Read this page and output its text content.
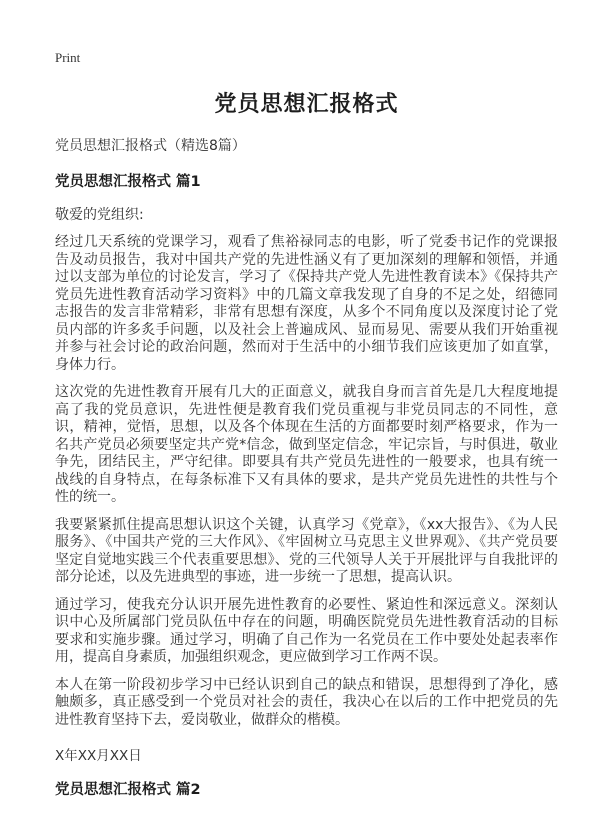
Print
党员思想汇报格式
党员思想汇报格式（精选8篇）
党员思想汇报格式 篇1
敬爱的党组织:

经过几天系统的党课学习，观看了焦裕禄同志的电影，听了党委书记作的党课报告及动员报告，我对中国共产党的先进性涵义有了更加深刻的理解和领悟，并通过以支部为单位的讨论发言，学习了《保持共产党人先进性教育读本》《保持共产党员先进性教育活动学习资料》中的几篇文章我发现了自身的不足之处，绍德同志报告的发言非常精彩，非常有思想有深度，从多个不同角度以及深度讨论了党员内部的许多炙手问题，以及社会上普遍成风、显而易见、需要从我们开始重视并参与社会讨论的政治问题，然而对于生活中的小细节我们应该更加了如直掌，身体力行。

这次党的先进性教育开展有几大的正面意义，就我自身而言首先是几大程度地提高了我的党员意识，先进性便是教育我们党员重视与非党员同志的不同性，意识，精神，觉悟，思想，以及各个体现在生活的方面都要时刻严格要求，作为一名共产党员必须要坚定共产党*信念，做到坚定信念，牢记宗旨，与时俱进，敬业争先，团结民主，严守纪律。即要具有共产党员先进性的一般要求，也具有统一战线的自身特点，在每条标准下又有具体的要求，是共产党员先进性的共性与个性的统一。

我要紧紧抓住提高思想认识这个关键，认真学习《党章》，《xx大报告》、《为人民服务》、《中国共产党的三大作风》、《牢固树立马克思主义世界观》、《共产党员要坚定自觉地实践三个代表重要思想》、党的三代领导人关于开展批评与自我批评的部分论述，以及先进典型的事迹，进一步统一了思想，提高认识。

通过学习，使我充分认识开展先进性教育的必要性、紧迫性和深远意义。深刻认识中心及所属部门党员队伍中存在的问题，明确医院党员先进性教育活动的目标要求和实施步骤。通过学习，明确了自己作为一名党员在工作中要处处起表率作用，提高自身素质，加强组织观念，更应做到学习工作两不误。

本人在第一阶段初步学习中已经认识到自己的缺点和错误，思想得到了净化，感触颇多，真正感受到一个党员对社会的责任，我决心在以后的工作中把党员的先进性教育坚持下去，爱岗敬业，做群众的楷模。

X年XX月XX日
党员思想汇报格式 篇2
